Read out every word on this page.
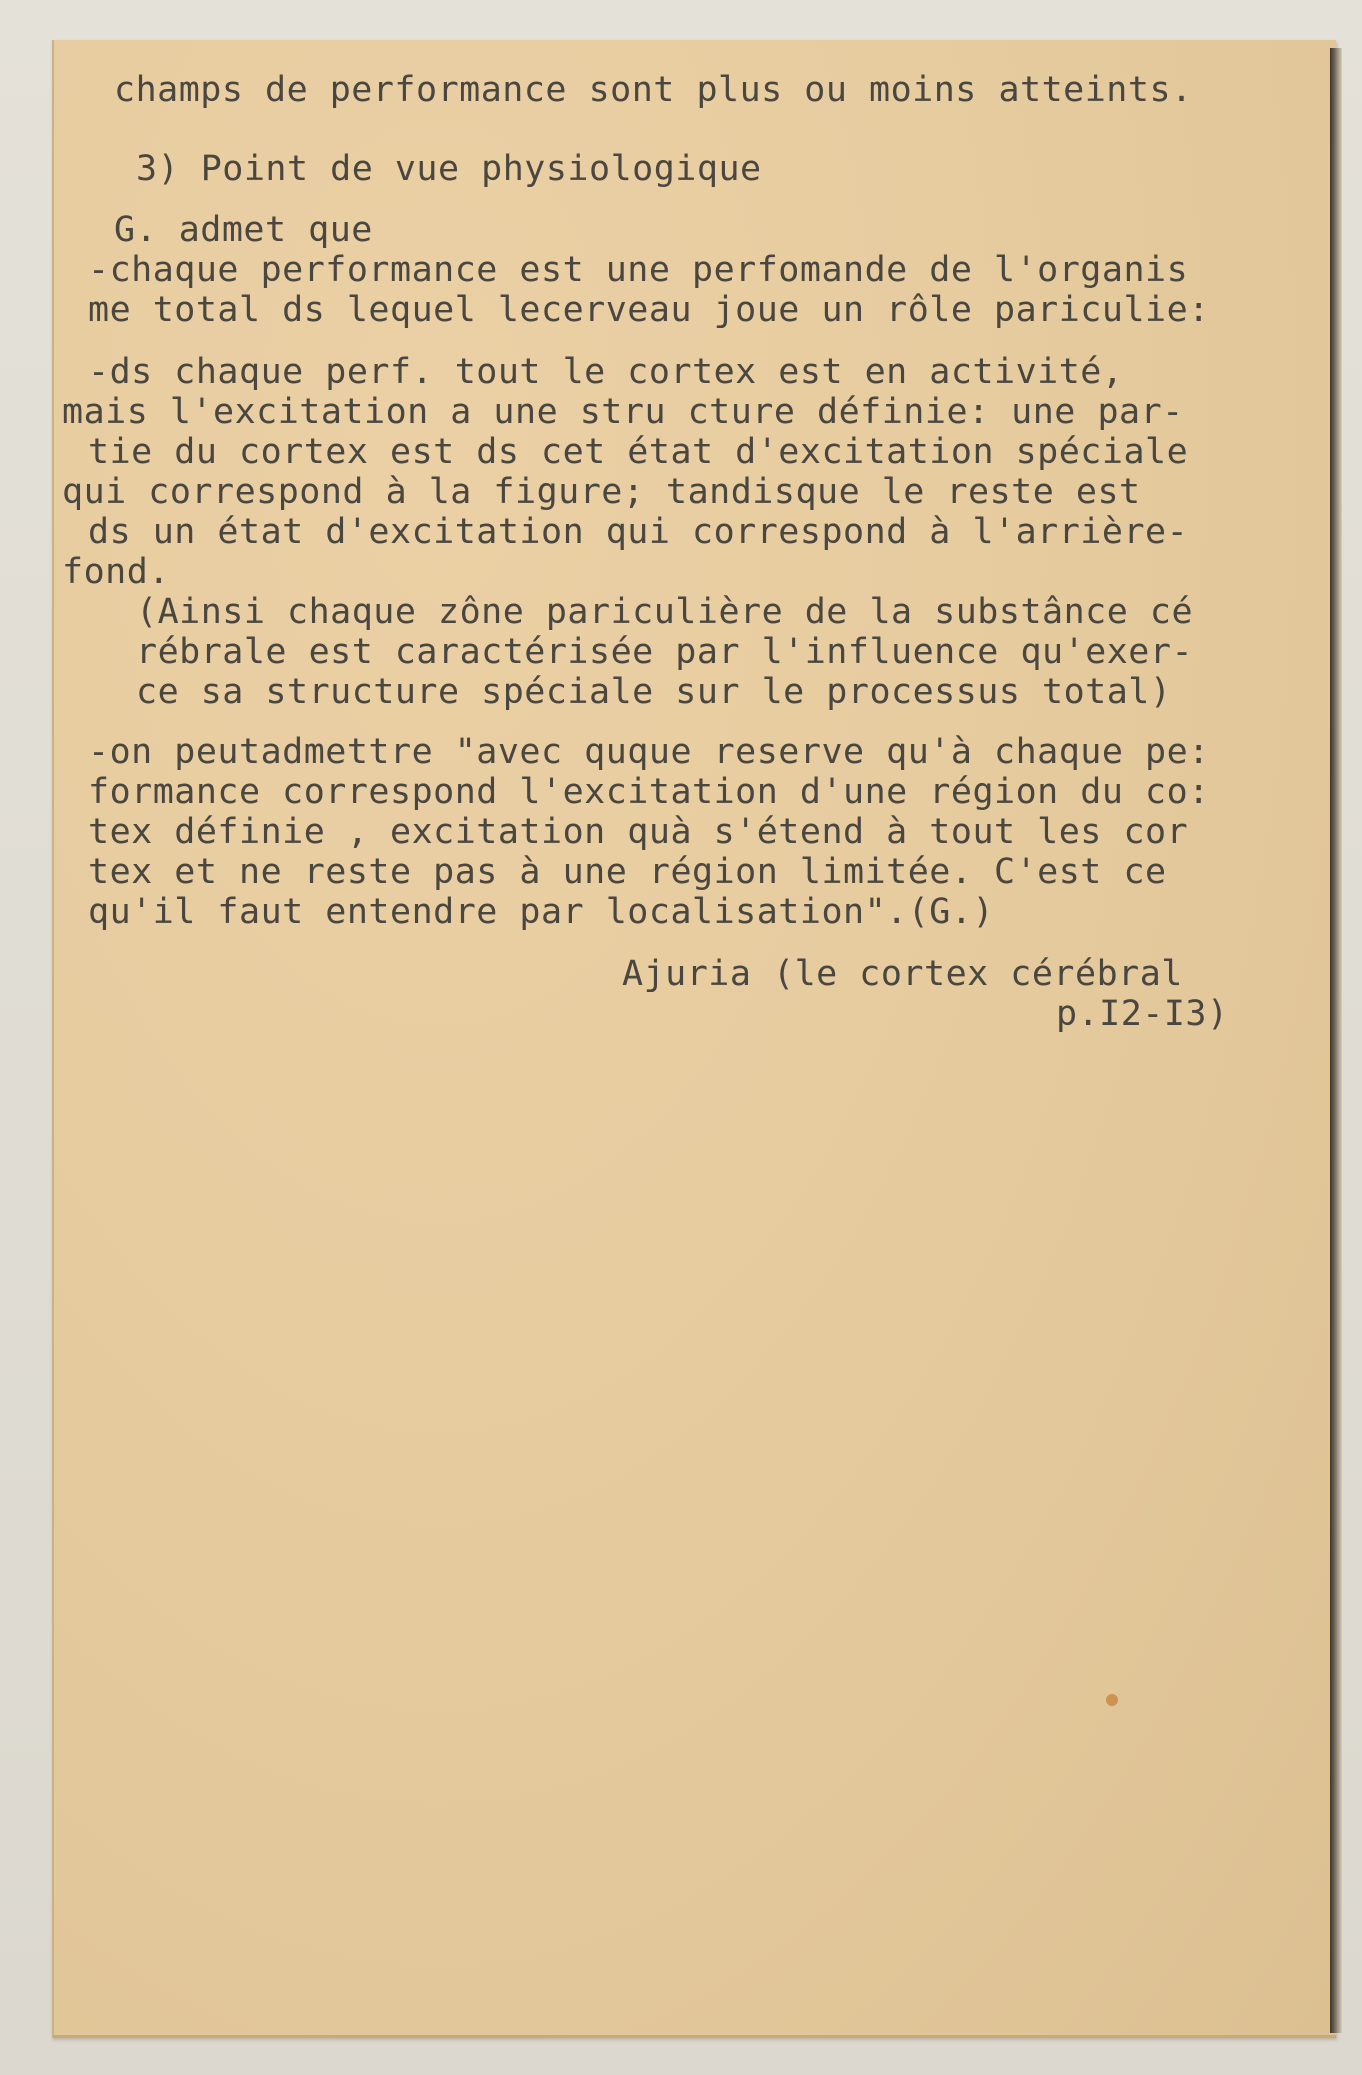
champs de performance sont plus ou moins atteints.

3) Point de vue physiologique

G. admet que

-chaque performance est une perfomande de l'organis

me total ds lequel lecerveau joue un rôle pariculie:

-ds chaque perf. tout le cortex est en activité,

mais l'excitation a une stru cture définie: une par-

tie du cortex est ds cet état d'excitation spéciale

qui correspond à la figure; tandisque le reste est

ds un état d'excitation qui correspond à l'arrière-

fond.

(Ainsi chaque zône pariculière de la substânce cé

rébrale est caractérisée par l'influence qu'exer-

ce sa structure spéciale sur le processus total)

-on peutadmettre "avec quque reserve qu'à chaque pe:

formance correspond l'excitation d'une région du co:

tex définie , excitation quà s'étend à tout les cor

tex et ne reste pas à une région limitée. C'est ce

qu'il faut entendre par localisation".(G.)

Ajuria (le cortex cérébral

p.I2-I3)
